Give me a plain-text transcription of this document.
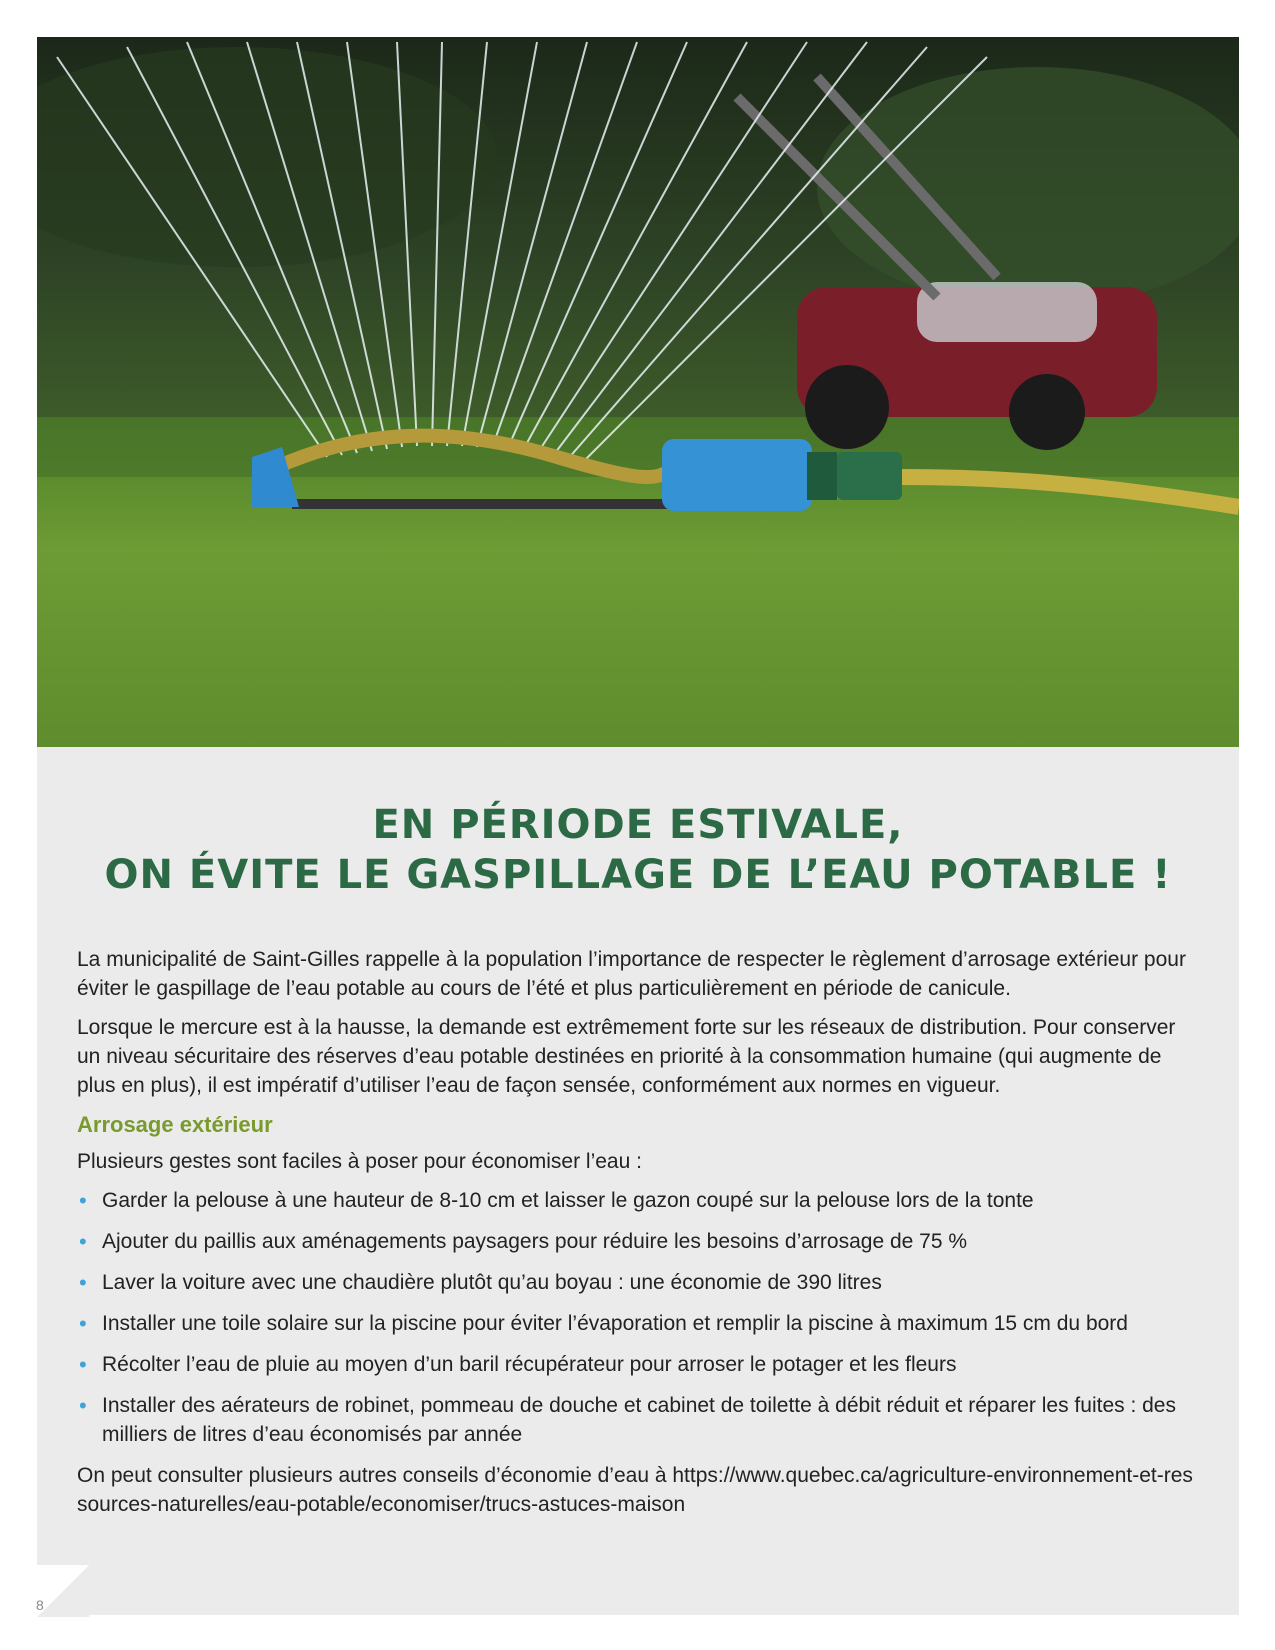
EN PÉRIODE ESTIVALE,
ON ÉVITE LE GASPILLAGE DE L’EAU POTABLE !

La municipalité de Saint-Gilles rappelle à la population l’importance de respecter le règlement d’arrosage extérieur pour éviter le gaspillage de l’eau potable au cours de l’été et plus particulièrement en période de canicule.

Lorsque le mercure est à la hausse, la demande est extrêmement forte sur les réseaux de distribution. Pour conserver un niveau sécuritaire des réserves d’eau potable destinées en priorité à la consommation humaine (qui augmente de plus en plus), il est impératif d’utiliser l’eau de façon sensée, conformément aux normes en vigueur.

Arrosage extérieur

Plusieurs gestes sont faciles à poser pour économiser l’eau :

• Garder la pelouse à une hauteur de 8-10 cm et laisser le gazon coupé sur la pelouse lors de la tonte
• Ajouter du paillis aux aménagements paysagers pour réduire les besoins d’arrosage de 75 %
• Laver la voiture avec une chaudière plutôt qu’au boyau : une économie de 390 litres
• Installer une toile solaire sur la piscine pour éviter l’évaporation et remplir la piscine à maximum 15 cm du bord
• Récolter l’eau de pluie au moyen d’un baril récupérateur pour arroser le potager et les fleurs
• Installer des aérateurs de robinet, pommeau de douche et cabinet de toilette à débit réduit et réparer les fuites : des milliers de litres d’eau économisés par année

On peut consulter plusieurs autres conseils d’économie d’eau à https://www.quebec.ca/agriculture-environnement-et-ressources-naturelles/eau-potable/economiser/trucs-astuces-maison

8
